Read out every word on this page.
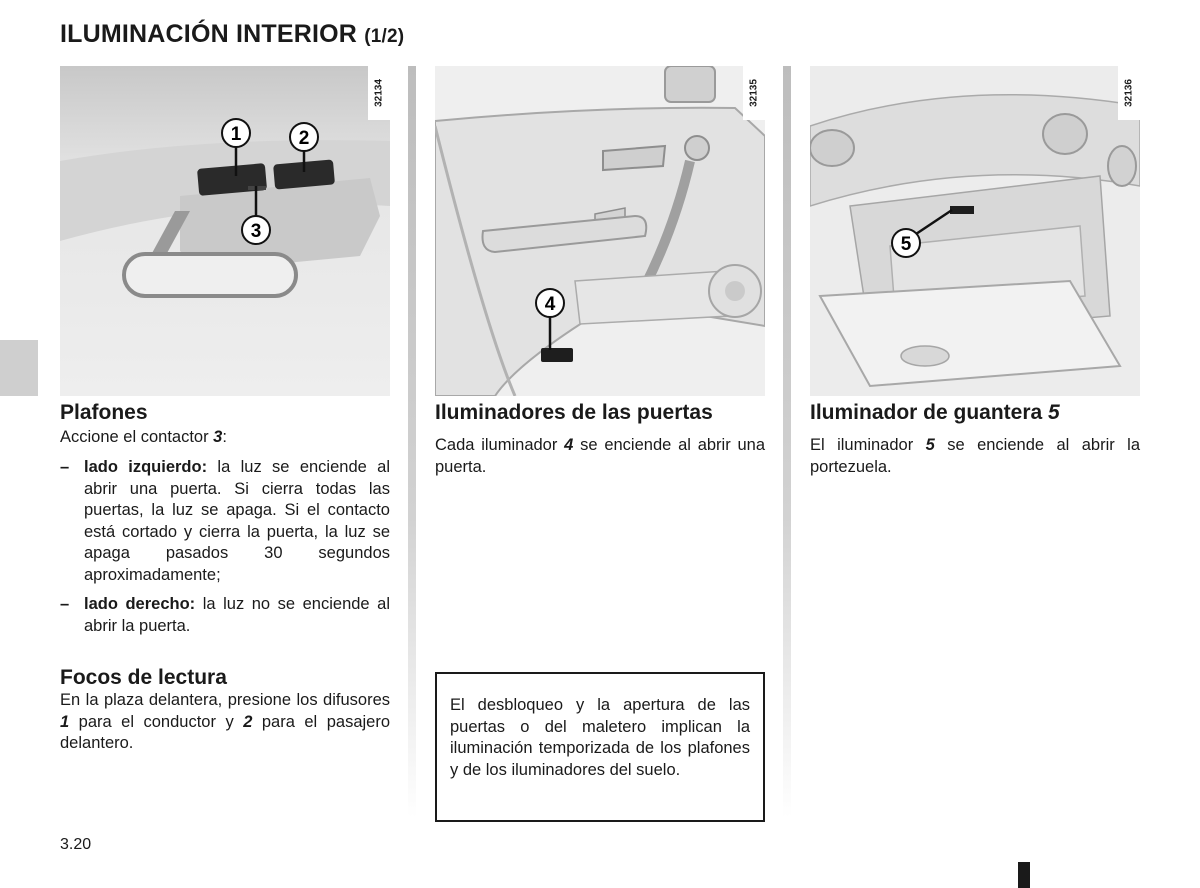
ILUMINACIÓN INTERIOR (1/2)
1	2
3
32134
4
32135
5
32136
Plafones
Accione el contactor 3:
– lado izquierdo: la luz se enciende al abrir una puerta. Si cierra todas las puertas, la luz se apaga. Si el contacto está cortado y cierra la puerta, la luz se apaga pasados 30 segundos aproximadamente;
– lado derecho: la luz no se enciende al abrir la puerta.
Focos de lectura
En la plaza delantera, presione los difusores 1 para el conductor y 2 para el pasajero delantero.
Iluminadores de las puertas
Cada iluminador 4 se enciende al abrir una puerta.
El desbloqueo y la apertura de las puertas o del maletero implican la iluminación temporizada de los plafones y de los iluminadores del suelo.
Iluminador de guantera 5
El iluminador 5 se enciende al abrir la portezuela.
3.20
